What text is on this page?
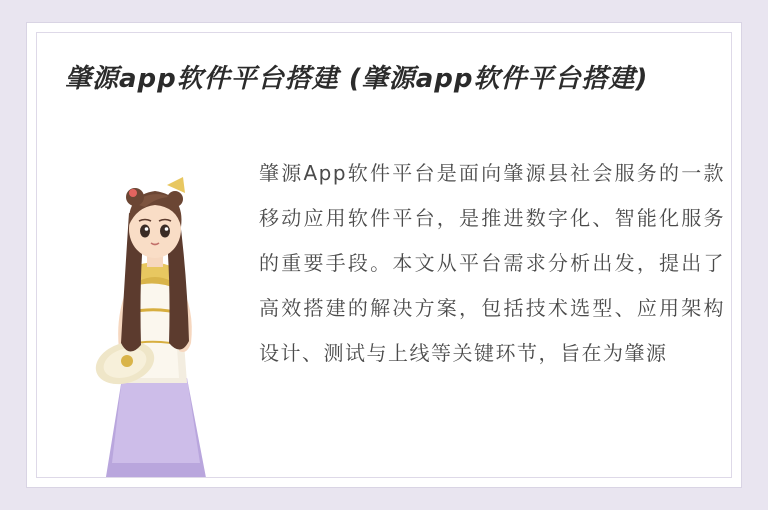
肇源app软件平台搭建 (肇源app软件平台搭建)
肇源App软件平台是面向肇源县社会服务的一款移动应用软件平台，是推进数字化、智能化服务的重要手段。本文从平台需求分析出发，提出了高效搭建的解决方案，包括技术选型、应用架构设计、测试与上线等关键环节，旨在为肇源
